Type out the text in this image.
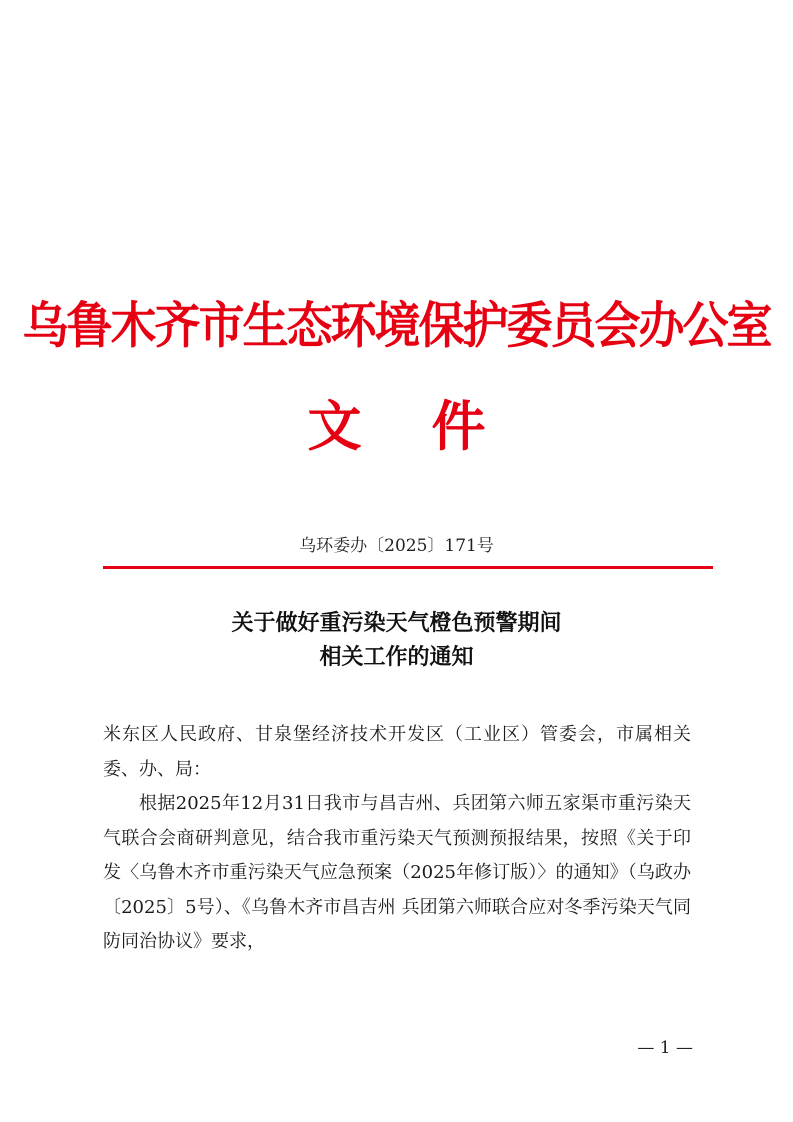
乌鲁木齐市生态环境保护委员会办公室
文件
乌环委办〔2025〕171号
关于做好重污染天气橙色预警期间
相关工作的通知

米东区人民政府、甘泉堡经济技术开发区（工业区）管委会，市属相关委、办、局：

根据2025年12月31日我市与昌吉州、兵团第六师五家渠市重污染天气联合会商研判意见，结合我市重污染天气预测预报结果，按照《关于印发〈乌鲁木齐市重污染天气应急预案（2025年修订版）〉的通知》（乌政办〔2025〕5号）、《乌鲁木齐市昌吉州 兵团第六师联合应对冬季污染天气同防同治协议》要求，

— 1 —
